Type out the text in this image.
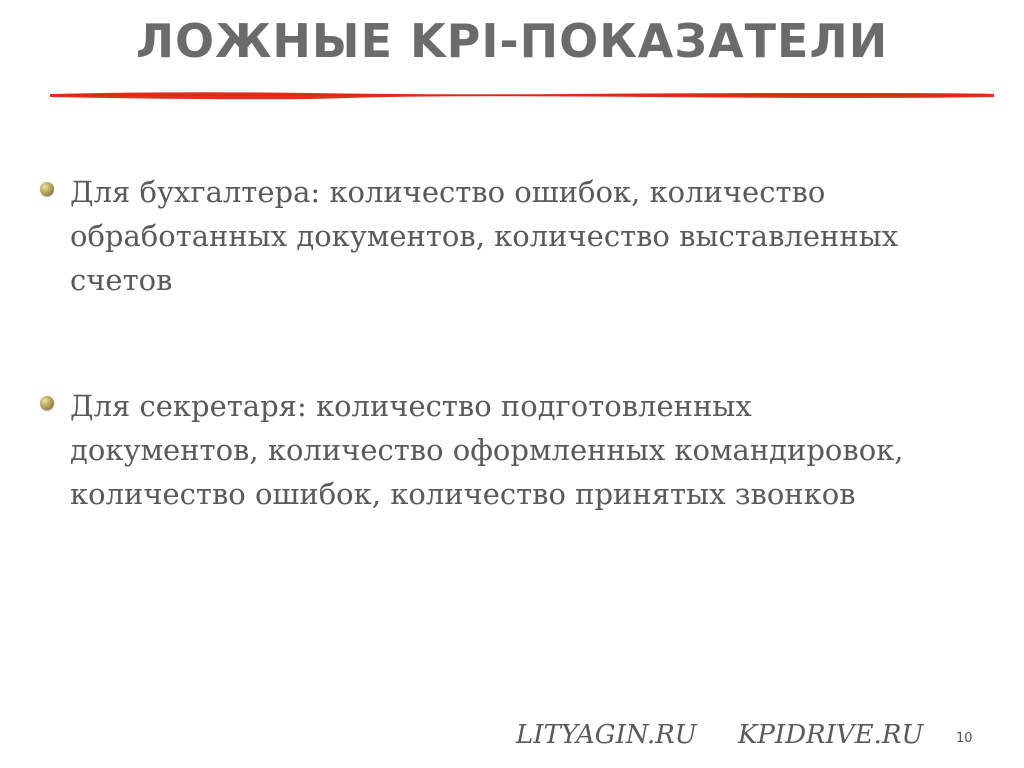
ЛОЖНЫЕ KPI-ПОКАЗАТЕЛИ
Для бухгалтера: количество ошибок, количество обработанных документов, количество выставленных счетов
Для секретаря: количество подготовленных документов, количество оформленных командировок, количество ошибок, количество принятых звонков
LITYAGIN.RU KPIDRIVE.RU	10
